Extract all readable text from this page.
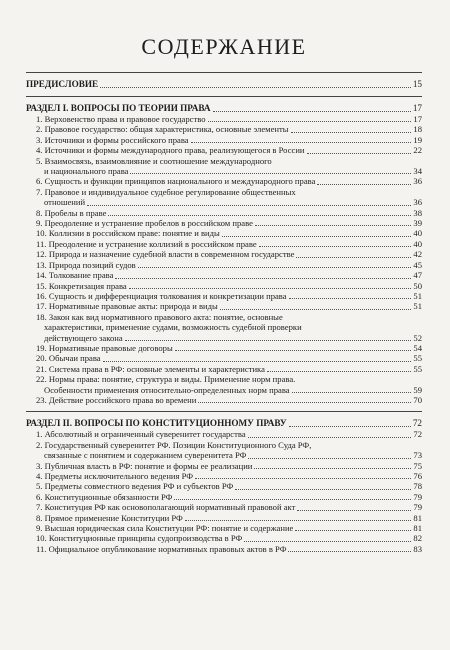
СОДЕРЖАНИЕ
ПРЕДИСЛОВИЕ	15
РАЗДЕЛ I. ВОПРОСЫ ПО ТЕОРИИ ПРАВА	17
1. Верховенство права и правовое государство	17
2. Правовое государство: общая характеристика, основные элементы	18
3. Источники и формы российского права	19
4. Источники и формы международного права, реализующегося в России	22
5. Взаимосвязь, взаимовлияние и соотношение международного
и национального права	34
6. Сущность и функции принципов национального и международного права	36
7. Правовое и индивидуальное судебное регулирование общественных
отношений	36
8. Пробелы в праве	38
9. Преодоление и устранение пробелов в российском праве	39
10. Коллизии в российском праве: понятие и виды	40
11. Преодоление и устранение коллизий в российском праве	40
12. Природа и назначение судебной власти в современном государстве	42
13. Природа позиций судов	45
14. Толкование права	47
15. Конкретизация права	50
16. Сущность и дифференциация толкования и конкретизации права	51
17. Нормативные правовые акты: природа и виды	51
18. Закон как вид нормативного правового акта: понятие, основные
характеристики, применение судами, возможность судебной проверки
действующего закона	52
19. Нормативные правовые договоры	54
20. Обычаи права	55
21. Система права в РФ: основные элементы и характеристика	55
22. Нормы права: понятие, структура и виды. Применение норм права.
Особенности применения относительно-определенных норм права	59
23. Действие российского права во времени	70
РАЗДЕЛ II. ВОПРОСЫ ПО КОНСТИТУЦИОННОМУ ПРАВУ	72
1. Абсолютный и ограниченный суверенитет государства	72
2. Государственный суверенитет РФ. Позиции Конституционного Суда РФ,
связанные с понятием и содержанием суверенитета РФ	73
3. Публичная власть в РФ: понятие и формы ее реализации	75
4. Предметы исключительного ведения РФ	76
5. Предметы совместного ведения РФ и субъектов РФ	78
6. Конституционные обязанности РФ	79
7. Конституция РФ как основополагающий нормативный правовой акт	79
8. Прямое применение Конституции РФ	81
9. Высшая юридическая сила Конституции РФ: понятие и содержание	81
10. Конституционные принципы судопроизводства в РФ	82
11. Официальное опубликование нормативных правовых актов в РФ	83
